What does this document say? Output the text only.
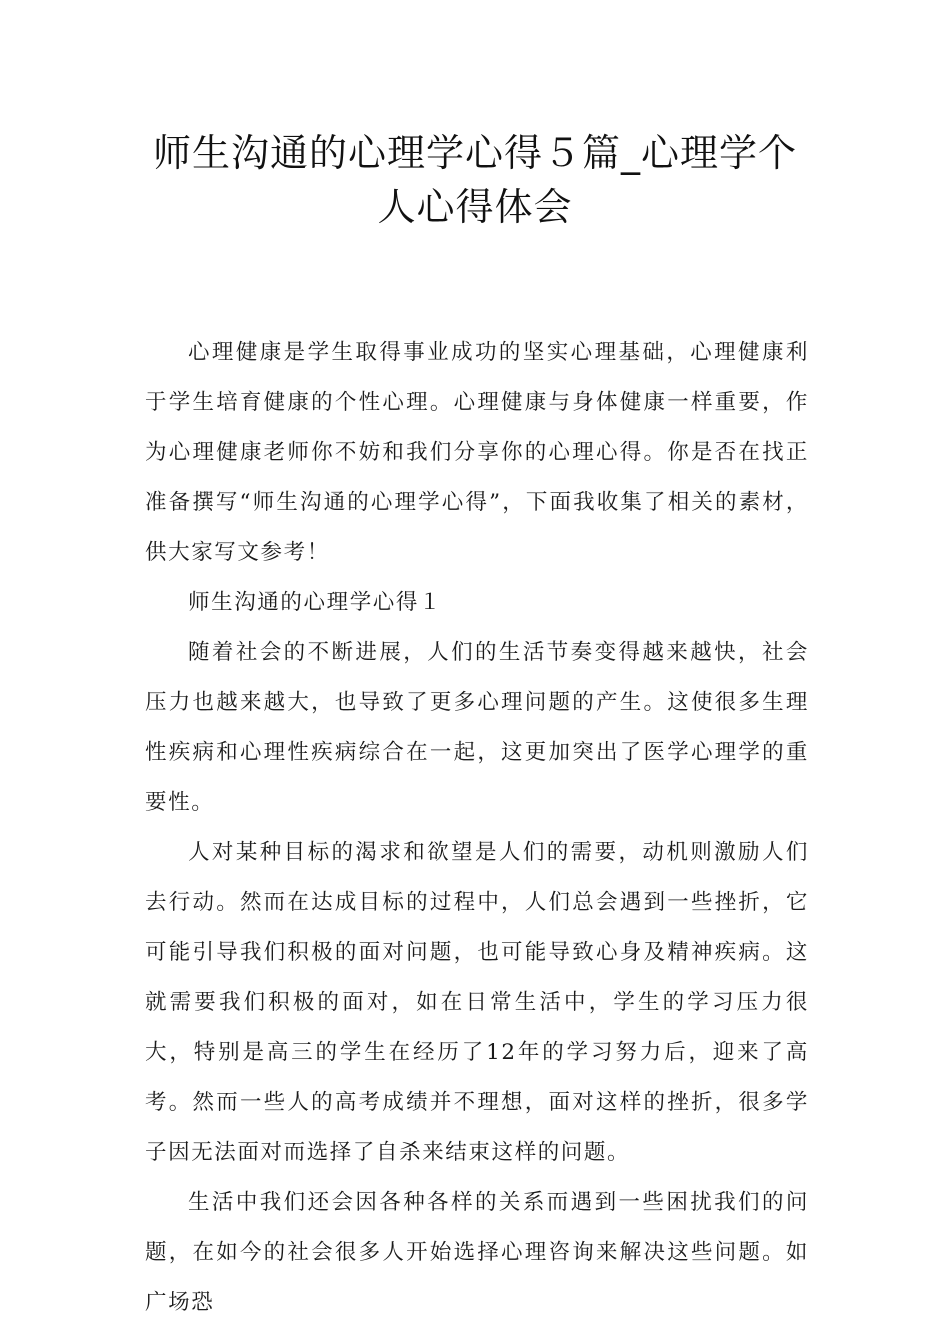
师生沟通的心理学心得５篇_心理学个人心得体会

心理健康是学生取得事业成功的坚实心理基础，心理健康利于学生培育健康的个性心理。心理健康与身体健康一样重要，作为心理健康老师你不妨和我们分享你的心理心得。你是否在找正准备撰写“师生沟通的心理学心得”，下面我收集了相关的素材，供大家写文参考！

师生沟通的心理学心得１

随着社会的不断进展，人们的生活节奏变得越来越快，社会压力也越来越大，也导致了更多心理问题的产生。这使很多生理性疾病和心理性疾病综合在一起，这更加突出了医学心理学的重要性。

人对某种目标的渴求和欲望是人们的需要，动机则激励人们去行动。然而在达成目标的过程中，人们总会遇到一些挫折，它可能引导我们积极的面对问题，也可能导致心身及精神疾病。这就需要我们积极的面对，如在日常生活中，学生的学习压力很大，特别是高三的学生在经历了12年的学习努力后，迎来了高考。然而一些人的高考成绩并不理想，面对这样的挫折，很多学子因无法面对而选择了自杀来结束这样的问题。

生活中我们还会因各种各样的关系而遇到一些困扰我们的问题，在如今的社会很多人开始选择心理咨询来解决这些问题。如广场恐
